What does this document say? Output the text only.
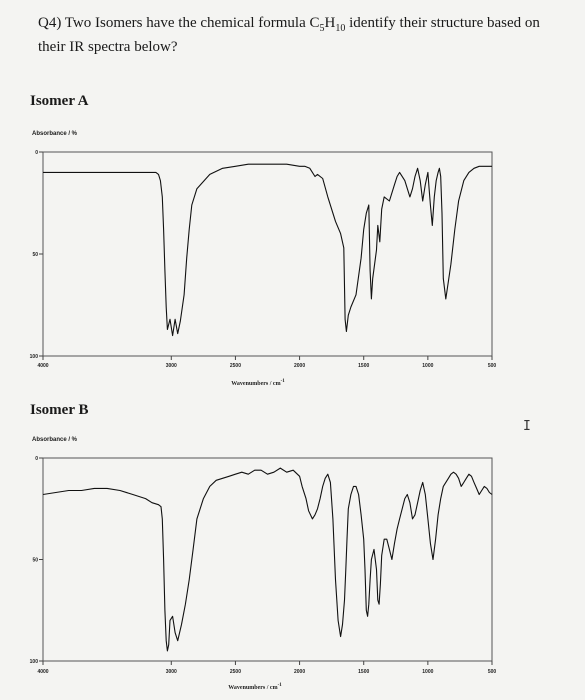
Q4) Two Isomers have the chemical formula $C_5H_{10}$ identify their structure based on
their IR spectra below?
Isomer A
Absorbance / %
Isomer B
Absorbance / %
0
50
100
4000	3000	2500	2000	1500	1000	500
Wavenumbers / $cm^{-1}$
0
50
100
4000	3000	2500	2000	1500	1000	500
Wavenumbers / $cm^{-1}$
I
